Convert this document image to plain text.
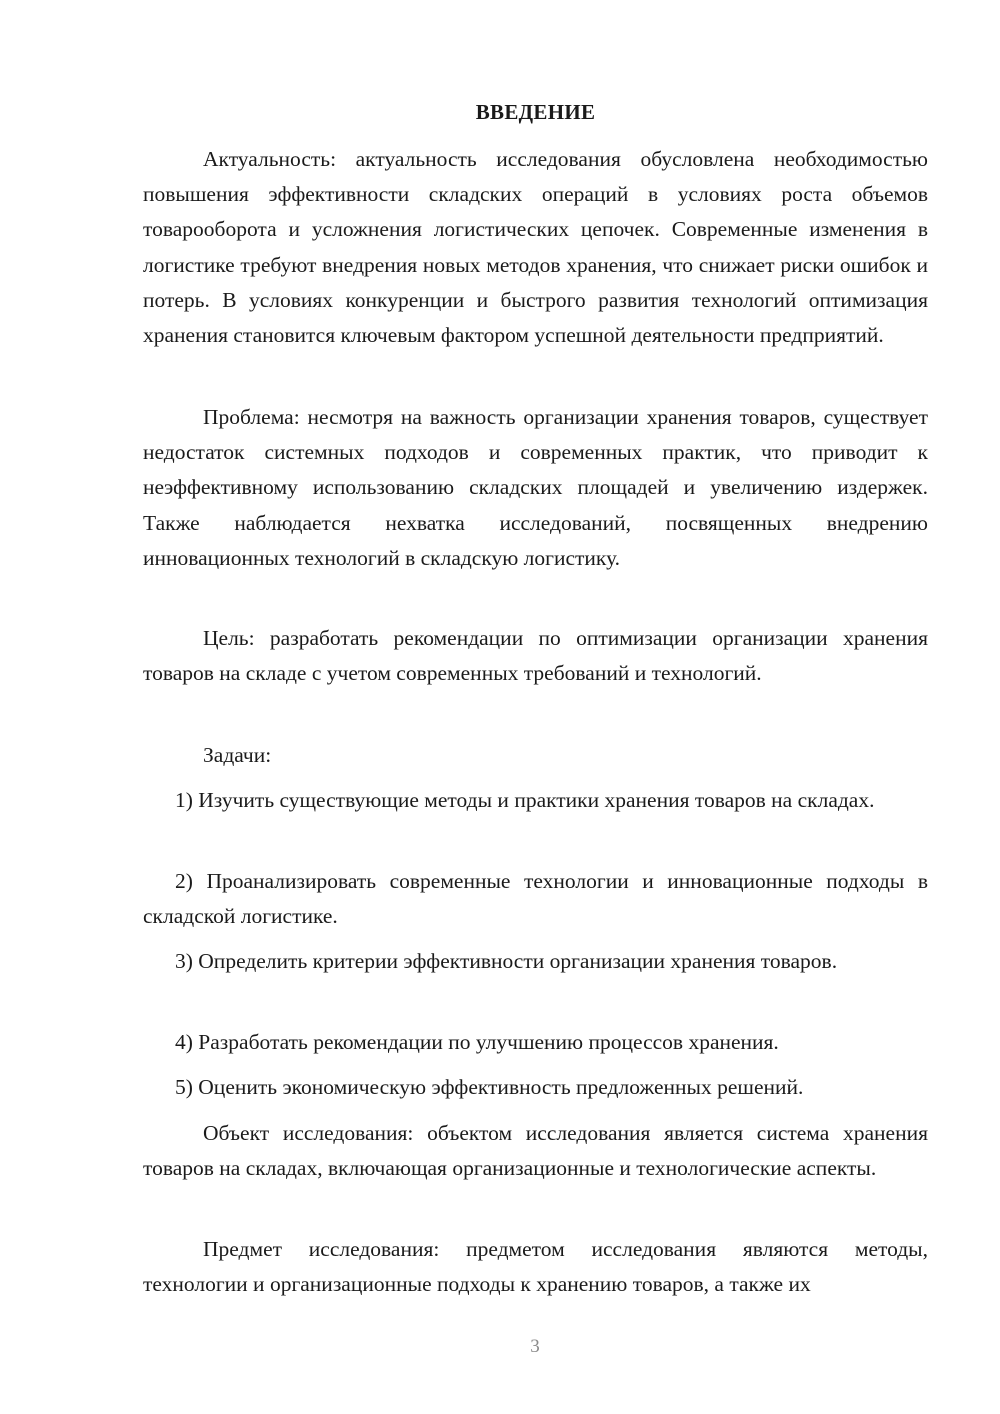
ВВЕДЕНИЕ

Актуальность: актуальность исследования обусловлена необходимостью повышения эффективности складских операций в условиях роста объемов товарооборота и усложнения логистических цепочек. Современные изменения в логистике требуют внедрения новых методов хранения, что снижает риски ошибок и потерь. В условиях конкуренции и быстрого развития технологий оптимизация хранения становится ключевым фактором успешной деятельности предприятий.

Проблема: несмотря на важность организации хранения товаров, существует недостаток системных подходов и современных практик, что приводит к неэффективному использованию складских площадей и увеличению издержек. Также наблюдается нехватка исследований, посвященных внедрению инновационных технологий в складскую логистику.

Цель: разработать рекомендации по оптимизации организации хранения товаров на складе с учетом современных требований и технологий.

Задачи:

1) Изучить существующие методы и практики хранения товаров на складах.

2) Проанализировать современные технологии и инновационные подходы в складской логистике.

3) Определить критерии эффективности организации хранения товаров.

4) Разработать рекомендации по улучшению процессов хранения.

5) Оценить экономическую эффективность предложенных решений.

Объект исследования: объектом исследования является система хранения товаров на складах, включающая организационные и технологические аспекты.

Предмет исследования: предметом исследования являются методы, технологии и организационные подходы к хранению товаров, а также их

3
